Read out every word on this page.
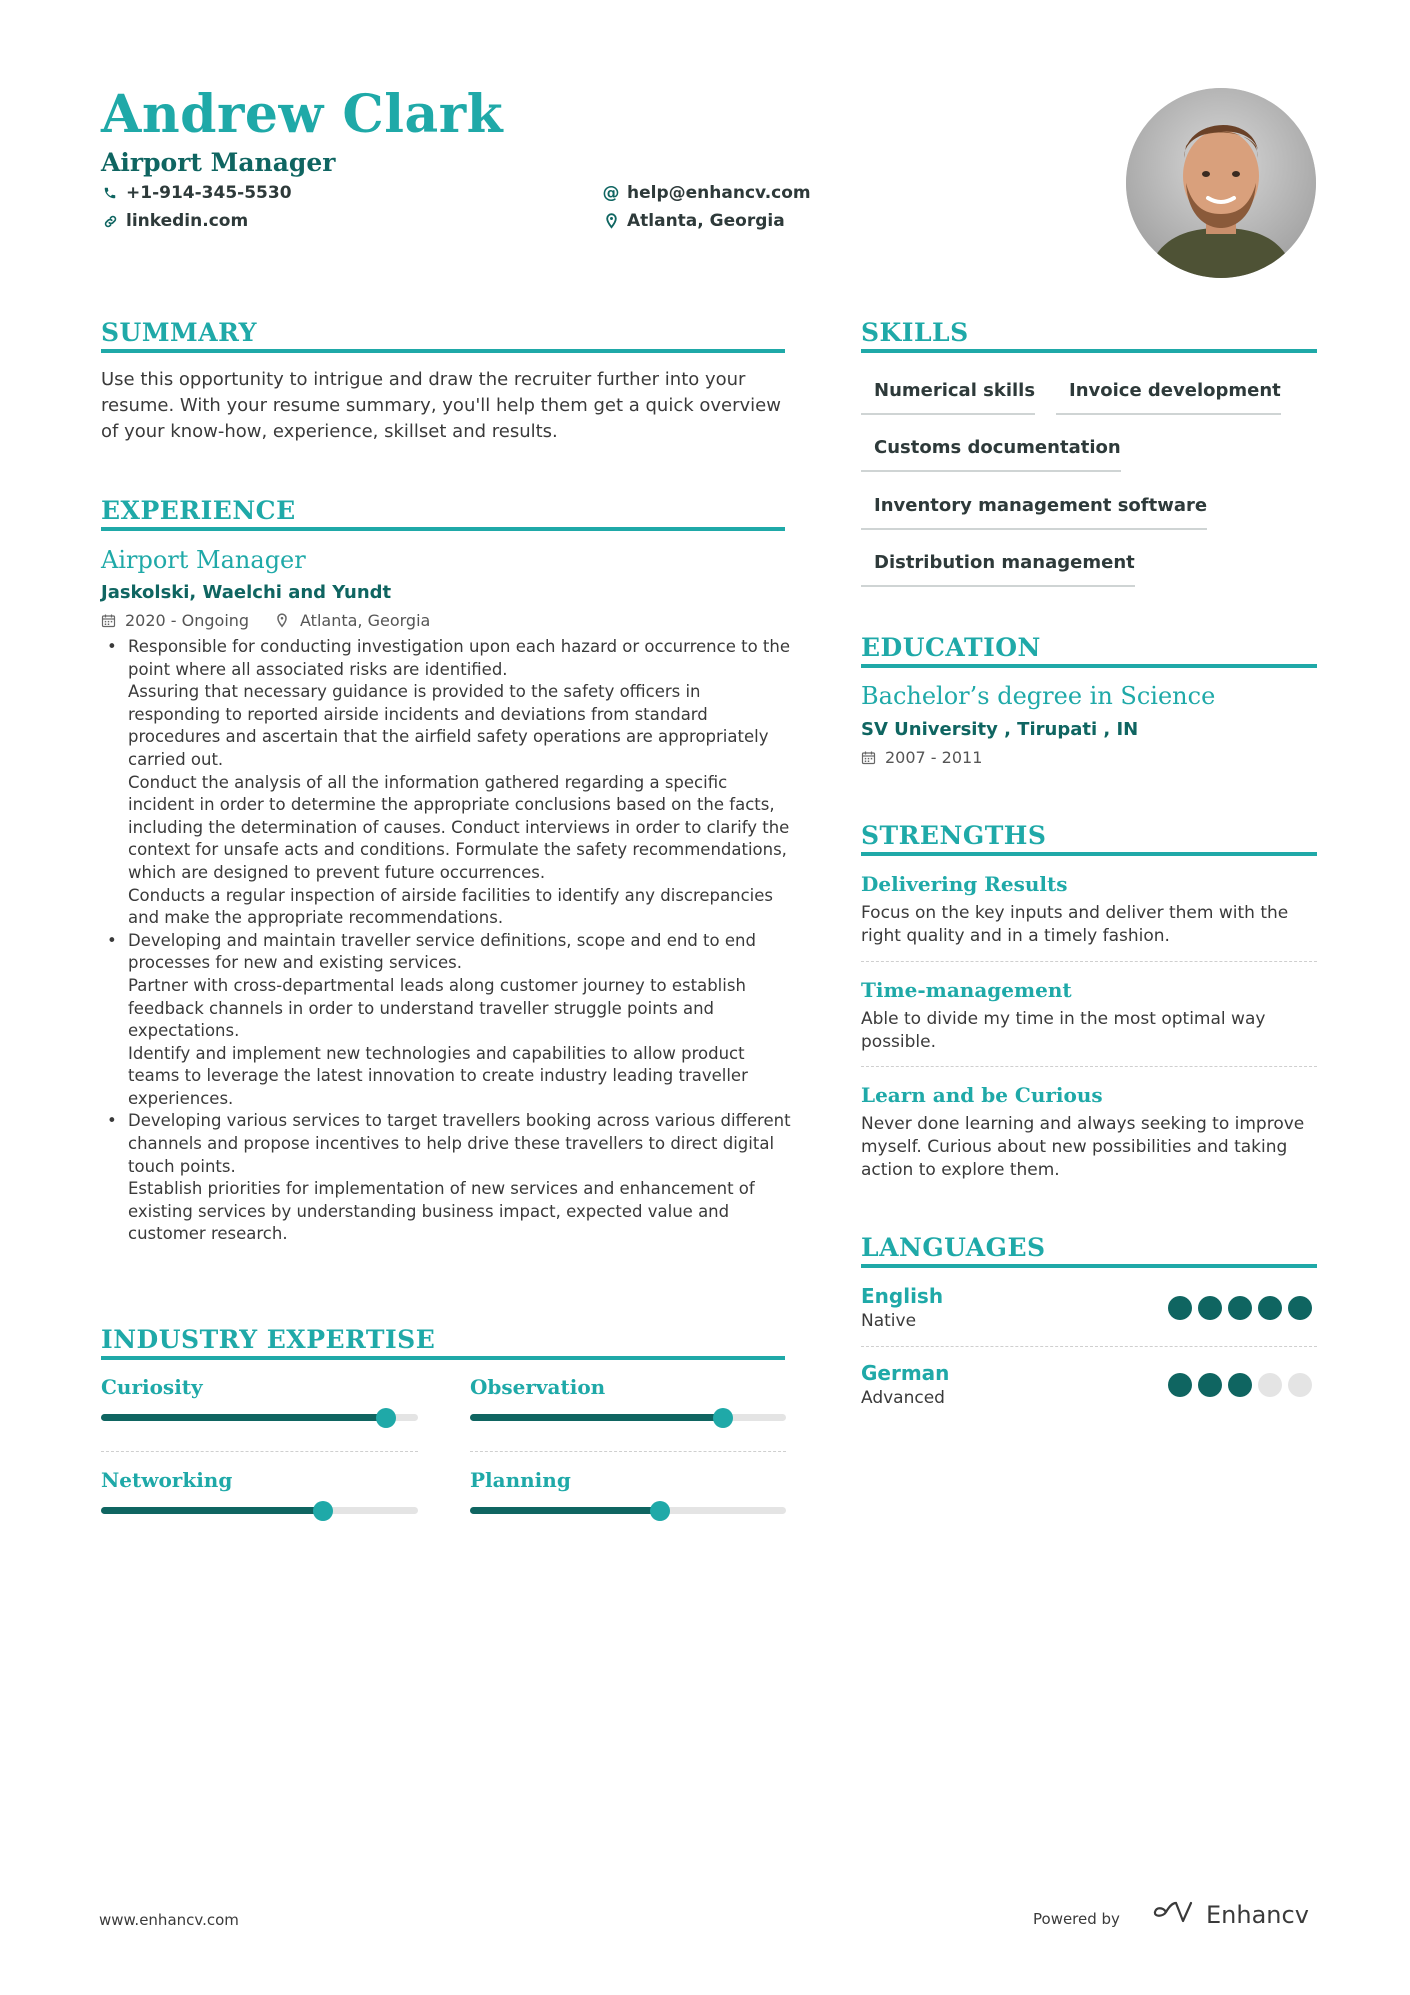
Andrew Clark
Airport Manager
+1-914-345-5530
linkedin.com
@ help@enhancv.com
Atlanta, Georgia
SUMMARY
Use this opportunity to intrigue and draw the recruiter further into your resume. With your resume summary, you'll help them get a quick overview of your know-how, experience, skillset and results.
EXPERIENCE
Airport Manager
Jaskolski, Waelchi and Yundt
2020 - Ongoing	Atlanta, Georgia
• Responsible for conducting investigation upon each hazard or occurrence to the point where all associated risks are identified.
Assuring that necessary guidance is provided to the safety officers in responding to reported airside incidents and deviations from standard procedures and ascertain that the airfield safety operations are appropriately carried out.
Conduct the analysis of all the information gathered regarding a specific incident in order to determine the appropriate conclusions based on the facts, including the determination of causes. Conduct interviews in order to clarify the context for unsafe acts and conditions. Formulate the safety recommendations, which are designed to prevent future occurrences.
Conducts a regular inspection of airside facilities to identify any discrepancies and make the appropriate recommendations.
• Developing and maintain traveller service definitions, scope and end to end processes for new and existing services.
Partner with cross-departmental leads along customer journey to establish feedback channels in order to understand traveller struggle points and expectations.
Identify and implement new technologies and capabilities to allow product teams to leverage the latest innovation to create industry leading traveller experiences.
• Developing various services to target travellers booking across various different channels and propose incentives to help drive these travellers to direct digital touch points.
Establish priorities for implementation of new services and enhancement of existing services by understanding business impact, expected value and customer research.
INDUSTRY EXPERTISE
Curiosity	Observation
Networking	Planning
SKILLS
Numerical skills	Invoice development
Customs documentation
Inventory management software
Distribution management
EDUCATION
Bachelor’s degree in Science
SV University , Tirupati , IN
2007 - 2011
STRENGTHS
Delivering Results
Focus on the key inputs and deliver them with the right quality and in a timely fashion.
Time-management
Able to divide my time in the most optimal way possible.
Learn and be Curious
Never done learning and always seeking to improve myself. Curious about new possibilities and taking action to explore them.
LANGUAGES
English
Native
German
Advanced
www.enhancv.com	Powered by	Enhancv
